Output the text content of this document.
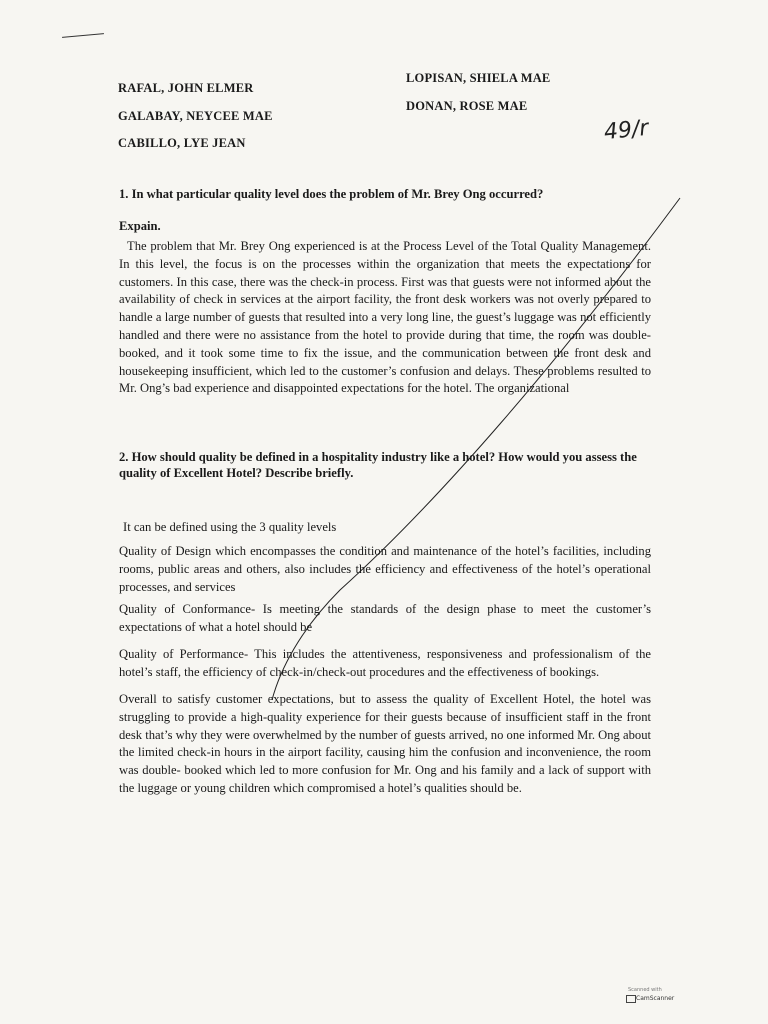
RAFAL, JOHN ELMER
GALABAY, NEYCEE MAE
CABILLO, LYE JEAN
LOPISAN, SHIELA MAE
DONAN, ROSE MAE
49/r
1. In what particular quality level does the problem of Mr. Brey Ong occurred?
Expain.
The problem that Mr. Brey Ong experienced is at the Process Level of the Total Quality Management. In this level, the focus is on the processes within the organization that meets the expectations for customers. In this case, there was the check-in process. First was that guests were not informed about the availability of check in services at the airport facility, the front desk workers was not overly prepared to handle a large number of guests that resulted into a very long line, the guest’s luggage was not efficiently handled and there were no assistance from the hotel to provide during that time, the room was double-booked, and it took some time to fix the issue, and the communication between the front desk and housekeeping insufficient, which led to the customer’s confusion and delays. These problems resulted to Mr. Ong’s bad experience and disappointed expectations for the hotel. The organizational
2. How should quality be defined in a hospitality industry like a hotel? How would you assess the quality of Excellent Hotel? Describe briefly.
It can be defined using the 3 quality levels
Quality of Design which encompasses the condition and maintenance of the hotel’s facilities, including rooms, public areas and others, also includes the efficiency and effectiveness of the hotel’s operational processes, and services
Quality of Conformance- Is meeting the standards of the design phase to meet the customer’s expectations of what a hotel should be
Quality of Performance- This includes the attentiveness, responsiveness and professionalism of the hotel’s staff, the efficiency of check-in/check-out procedures and the effectiveness of bookings.
Overall to satisfy customer expectations, but to assess the quality of Excellent Hotel, the hotel was struggling to provide a high-quality experience for their guests because of insufficient staff in the front desk that’s why they were overwhelmed by the number of guests arrived, no one informed Mr. Ong about the limited check-in hours in the airport facility, causing him the confusion and inconvenience, the room was double- booked which led to more confusion for Mr. Ong and his family and a lack of support with the luggage or young children which compromised a hotel’s qualities should be.
Scanned with
CamScanner
